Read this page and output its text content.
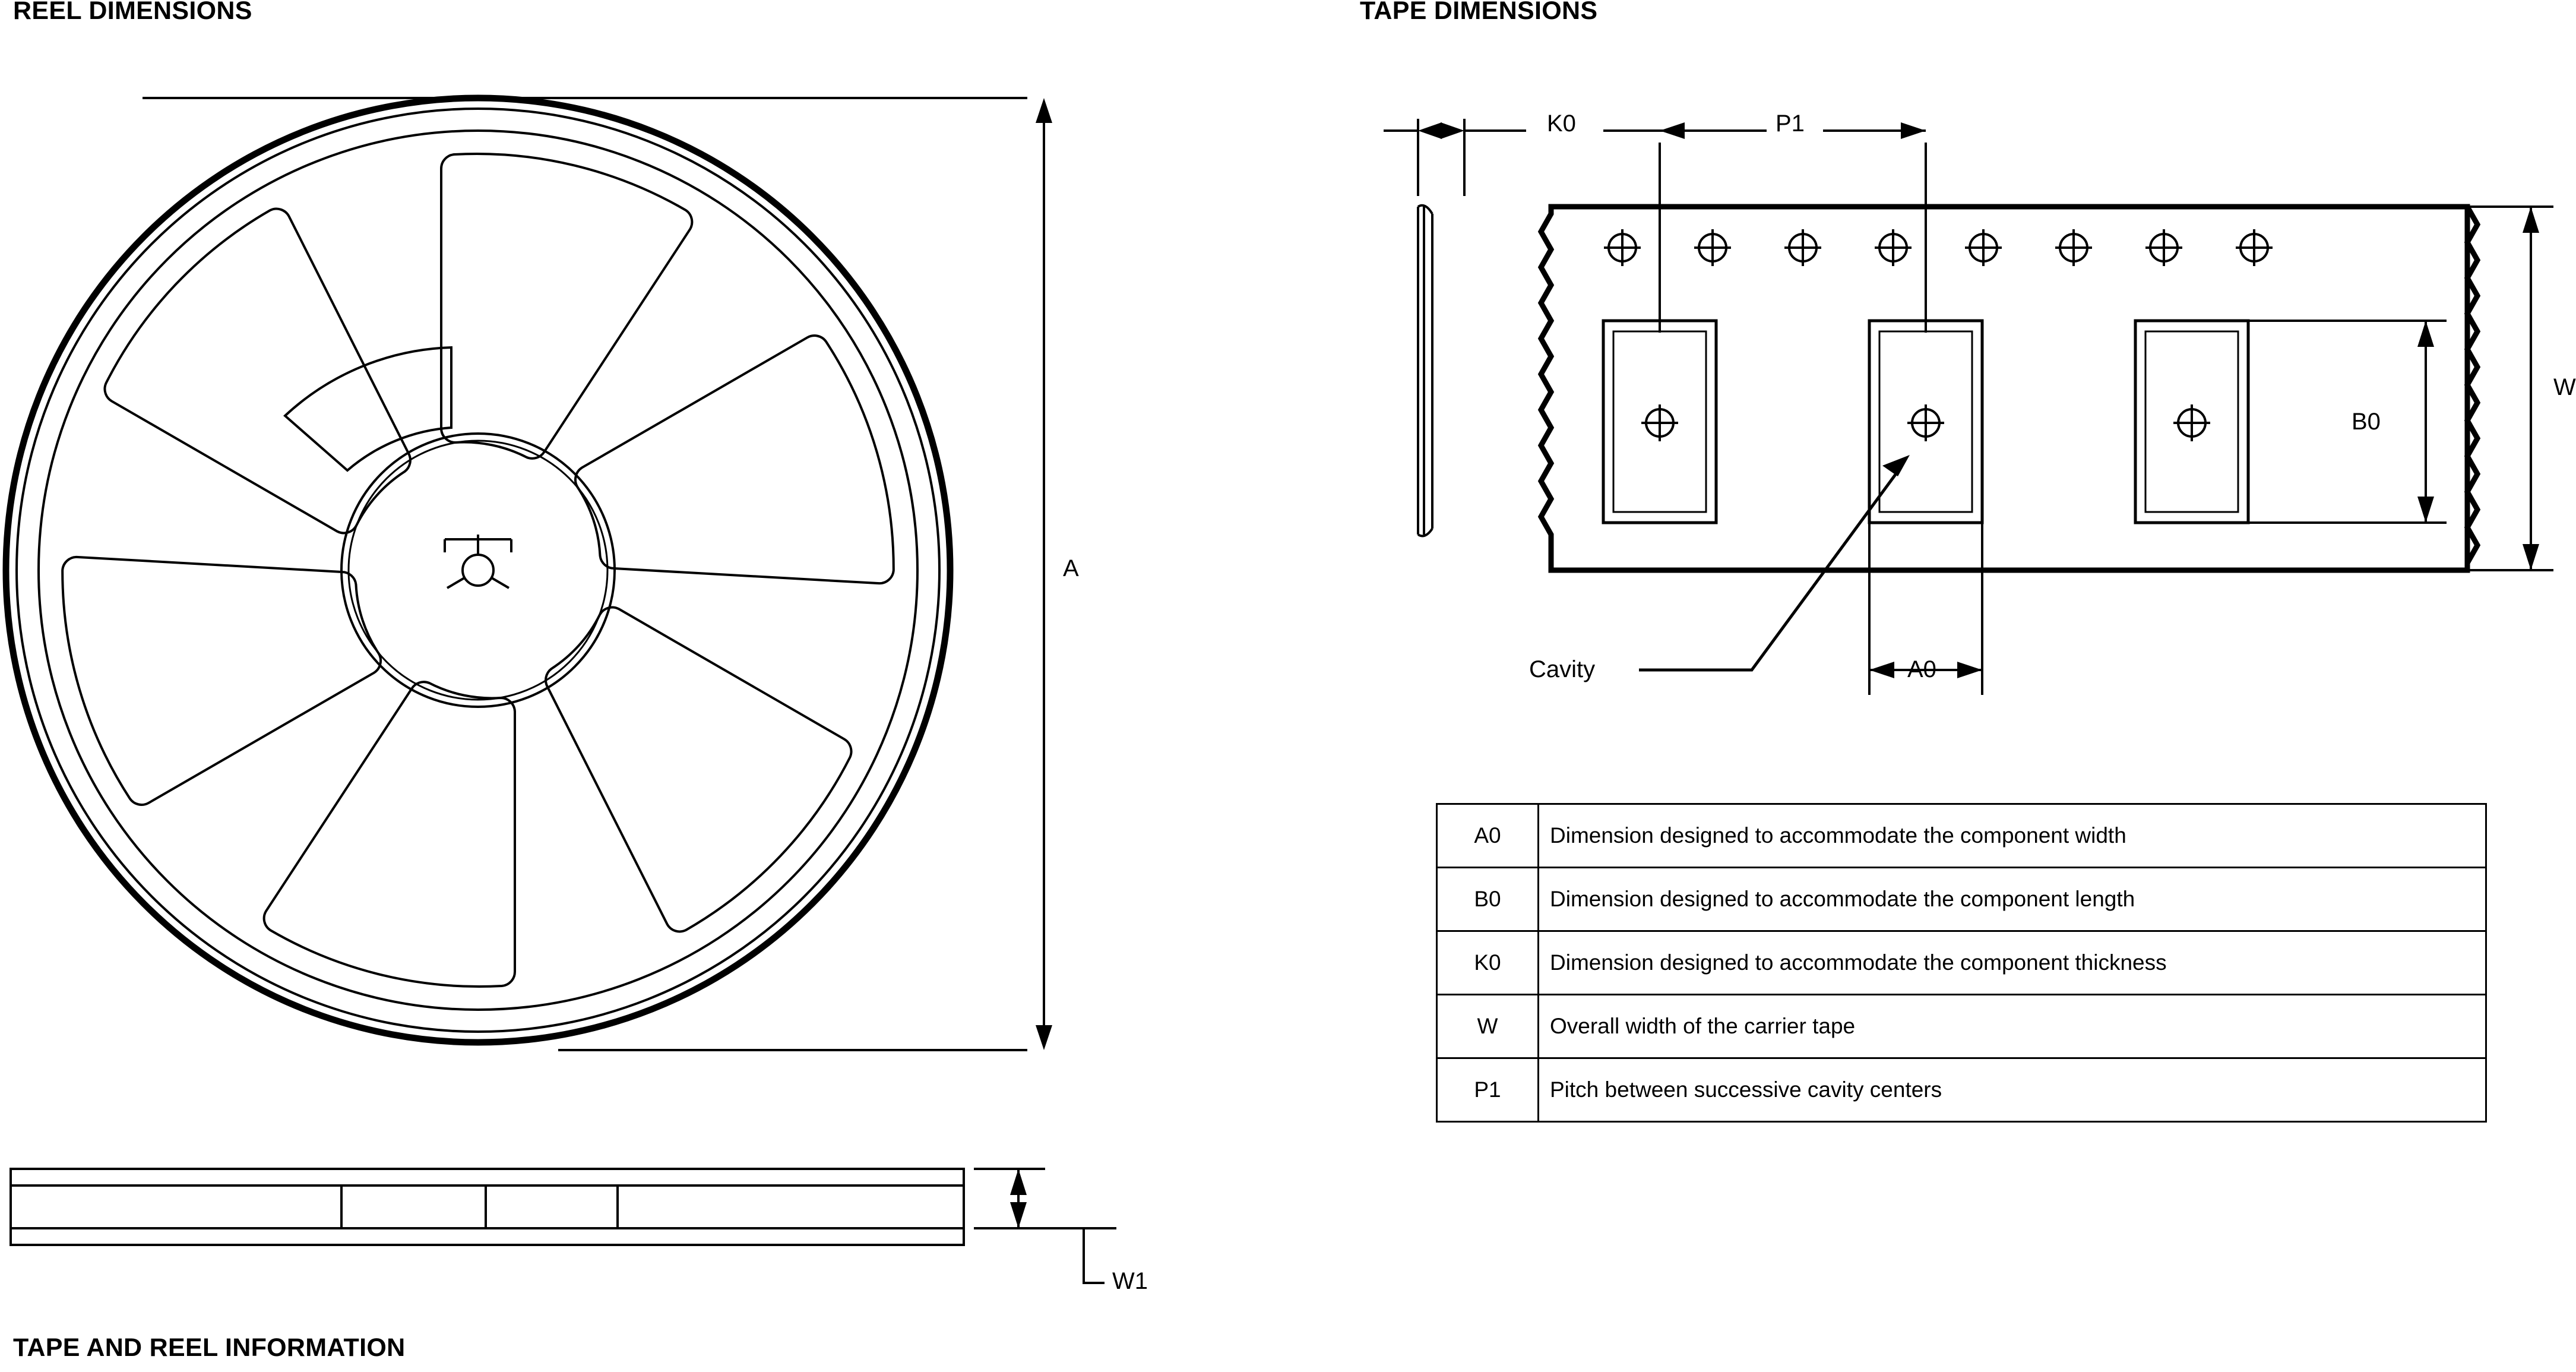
REEL DIMENSIONS	TAPE DIMENSIONS
TAPE AND REEL INFORMATION
A
W1
K0	P1
W
B0
A0
Cavity
A0	Dimension designed to accommodate the component width
B0	Dimension designed to accommodate the component length
K0	Dimension designed to accommodate the component thickness
W	Overall width of the carrier tape
P1	Pitch between successive cavity centers
